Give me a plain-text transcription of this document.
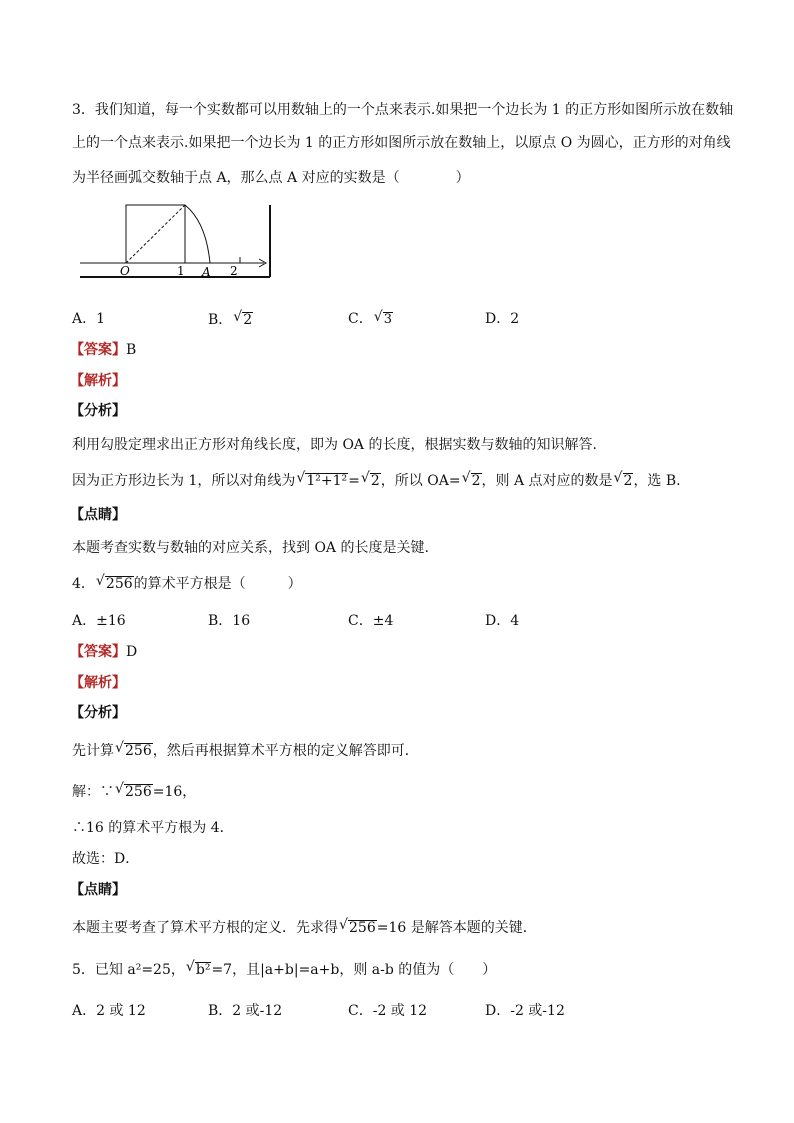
3．我们知道，每一个实数都可以用数轴上的一个点来表示.如果把一个边长为 1 的正方形如图所示放在数轴
上的一个点来表示.如果把一个边长为 1 的正方形如图所示放在数轴上，以原点 O 为圆心，正方形的对角线
为半径画弧交数轴于点 A，那么点 A 对应的实数是（　　　　）
O	1 A 2
A．1	B． √ 2	C． √ 3	D．2
【答案】B
【解析】
【分析】
利用勾股定理求出正方形对角线长度，即为 OA 的长度，根据实数与数轴的知识解答.
因为正方形边长为 1，所以对角线为 √ 1²+1²= √ 2，所以 OA= √ 2，则 A 点对应的数是 √ 2，选 B.
【点睛】
本题考查实数与数轴的对应关系，找到 OA 的长度是关键.
4． √ 256的算术平方根是（　　　）
A．±16	B．16	C．±4	D．4
【答案】D
【解析】
【分析】
先计算 √ 256，然后再根据算术平方根的定义解答即可．
解：∵ √ 256=16，
∴16 的算术平方根为 4．
故选：D．
【点睛】
本题主要考查了算术平方根的定义．先求得 √ 256=16 是解答本题的关键．
5．已知 a²=25， √ b²=7，且|a+b|=a+b，则 a-b 的值为（　　）
A．2 或 12	B．2 或-12	C．-2 或 12	D．-2 或-12
